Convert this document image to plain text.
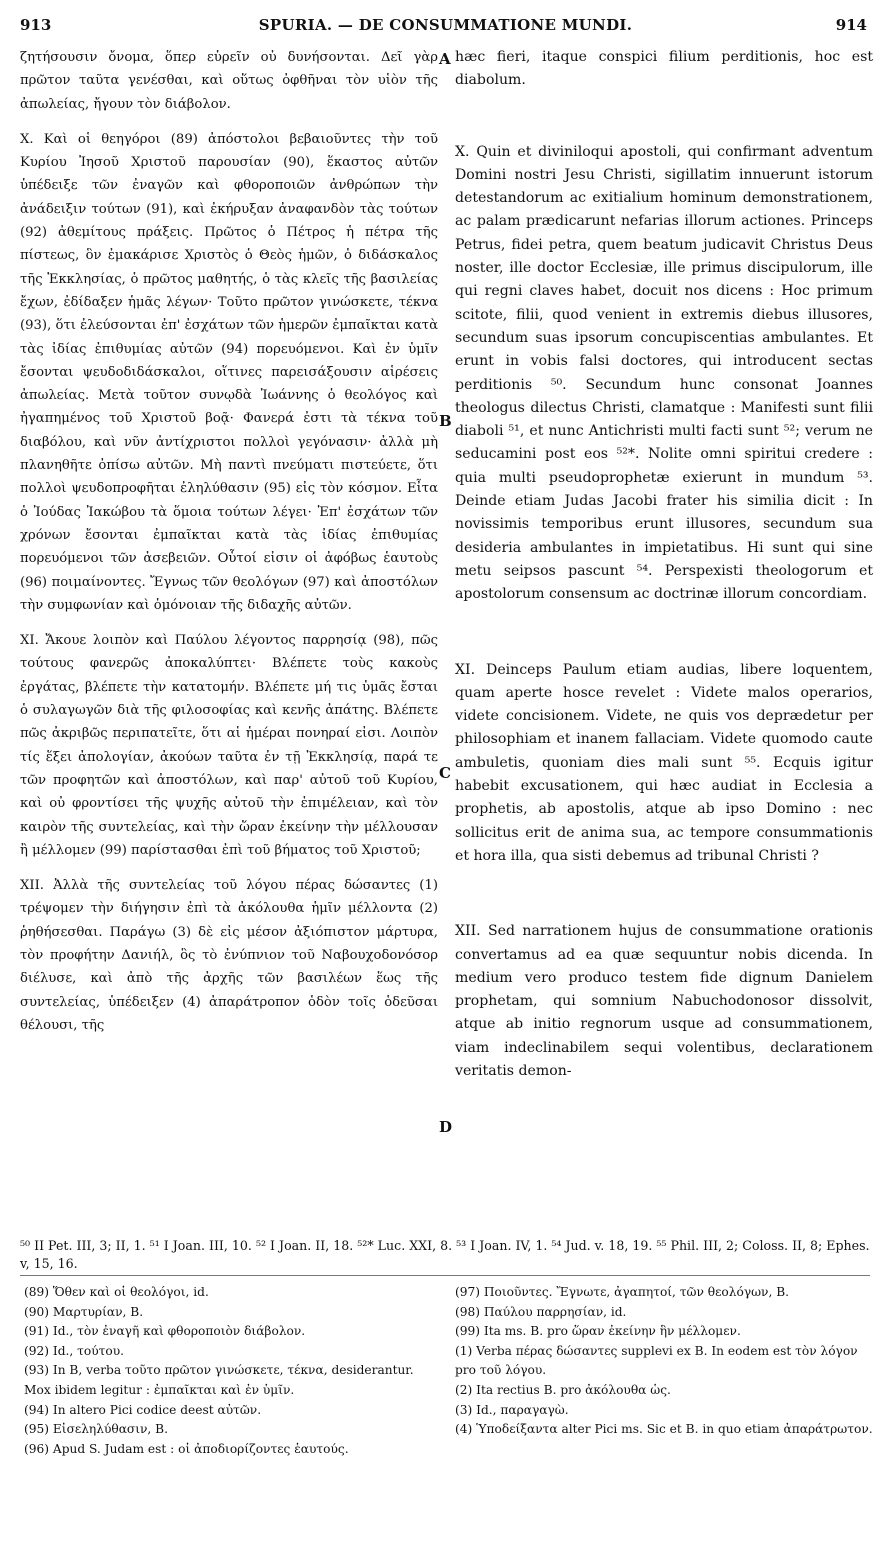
913	SPURIA. — DE CONSUMMATIONE MUNDI.	914

ζητήσουσιν ὄνομα, ὅπερ εὑρεῖν οὐ δυνήσονται. Δεῖ γὰρ πρῶτον ταῦτα γενέσθαι, καὶ οὕτως ὀφθῆναι τὸν υἱὸν τῆς ἀπωλείας, ἤγουν τὸν διάβολον.

X. Καὶ οἱ θεηγόροι (89) ἀπόστολοι βεβαιοῦντες τὴν τοῦ Κυρίου Ἰησοῦ Χριστοῦ παρουσίαν (90), ἕκαστος αὐτῶν ὑπέδειξε τῶν ἐναγῶν καὶ φθοροποιῶν ἀνθρώπων τὴν ἀνάδειξιν τούτων (91), καὶ ἐκήρυξαν ἀναφανδὸν τὰς τούτων (92) ἀθεμίτους πράξεις. Πρῶτος ὁ Πέτρος ἡ πέτρα τῆς πίστεως, ὃν ἐμακάρισε Χριστὸς ὁ Θεὸς ἡμῶν, ὁ διδάσκαλος τῆς Ἐκκλησίας, ὁ πρῶτος μαθητής, ὁ τὰς κλεῖς τῆς βασιλείας ἔχων, ἐδίδαξεν ἡμᾶς λέγων· Τοῦτο πρῶτον γινώσκετε, τέκνα (93), ὅτι ἐλεύσονται ἐπ' ἐσχάτων τῶν ἡμερῶν ἐμπαῖκται κατὰ τὰς ἰδίας ἐπιθυμίας αὐτῶν (94) πορευόμενοι. Καὶ ἐν ὑμῖν ἔσονται ψευδοδιδάσκαλοι, οἵτινες παρεισάξουσιν αἱρέσεις ἀπωλείας. Μετὰ τοῦτον συνῳδὰ Ἰωάννης ὁ θεολόγος καὶ ἠγαπημένος τοῦ Χριστοῦ βοᾷ· Φανερά ἐστι τὰ τέκνα τοῦ διαβόλου, καὶ νῦν ἀντίχριστοι πολλοὶ γεγόνασιν· ἀλλὰ μὴ πλανηθῆτε ὀπίσω αὐτῶν. Μὴ παντὶ πνεύματι πιστεύετε, ὅτι πολλοὶ ψευδοπροφῆται ἐληλύθασιν (95) εἰς τὸν κόσμον. Εἶτα ὁ Ἰούδας Ἰακώβου τὰ ὅμοια τούτων λέγει· Ἐπ' ἐσχάτων τῶν χρόνων ἔσονται ἐμπαῖκται κατὰ τὰς ἰδίας ἐπιθυμίας πορευόμενοι τῶν ἀσεβειῶν. Οὗτοί εἰσιν οἱ ἀφόβως ἑαυτοὺς (96) ποιμαίνοντες. Ἔγνως τῶν θεολόγων (97) καὶ ἀποστόλων τὴν συμφωνίαν καὶ ὁμόνοιαν τῆς διδαχῆς αὐτῶν.

XI. Ἄκουε λοιπὸν καὶ Παύλου λέγοντος παρρησίᾳ (98), πῶς τούτους φανερῶς ἀποκαλύπτει· Βλέπετε τοὺς κακοὺς ἐργάτας, βλέπετε τὴν κατατομήν. Βλέπετε μή τις ὑμᾶς ἔσται ὁ συλαγωγῶν διὰ τῆς φιλοσοφίας καὶ κενῆς ἀπάτης. Βλέπετε πῶς ἀκριβῶς περιπατεῖτε, ὅτι αἱ ἡμέραι πονηραί εἰσι. Λοιπὸν τίς ἕξει ἀπολογίαν, ἀκούων ταῦτα ἐν τῇ Ἐκκλησίᾳ, παρά τε τῶν προφητῶν καὶ ἀποστόλων, καὶ παρ' αὐτοῦ τοῦ Κυρίου, καὶ οὐ φροντίσει τῆς ψυχῆς αὐτοῦ τὴν ἐπιμέλειαν, καὶ τὸν καιρὸν τῆς συντελείας, καὶ τὴν ὥραν ἐκείνην τὴν μέλλουσαν ἢ μέλλομεν (99) παρίστασθαι ἐπὶ τοῦ βήματος τοῦ Χριστοῦ;

XII. Ἀλλὰ τῆς συντελείας τοῦ λόγου πέρας δώσαντες (1) τρέψομεν τὴν διήγησιν ἐπὶ τὰ ἀκόλουθα ἡμῖν μέλλοντα (2) ῥηθήσεσθαι. Παράγω (3) δὲ εἰς μέσον ἀξιόπιστον μάρτυρα, τὸν προφήτην Δανιήλ, ὃς τὸ ἐνύπνιον τοῦ Ναβουχοδονόσορ διέλυσε, καὶ ἀπὸ τῆς ἀρχῆς τῶν βασιλέων ἕως τῆς συντελείας, ὑπέδειξεν (4) ἀπαράτροπον ὁδὸν τοῖς ὁδεῦσαι θέλουσι, τῆς

A
B
C
D

hæc fieri, itaque conspici filium perditionis, hoc est diabolum.

X. Quin et diviniloqui apostoli, qui confirmant adventum Domini nostri Jesu Christi, sigillatim innuerunt istorum detestandorum ac exitialium hominum demonstrationem, ac palam prædicarunt nefarias illorum actiones. Princeps Petrus, fidei petra, quem beatum judicavit Christus Deus noster, ille doctor Ecclesiæ, ille primus discipulorum, ille qui regni claves habet, docuit nos dicens : Hoc primum scitote, filii, quod venient in extremis diebus illusores, secundum suas ipsorum concupiscentias ambulantes. Et erunt in vobis falsi doctores, qui introducent sectas perditionis ⁵⁰. Secundum hunc consonat Joannes theologus dilectus Christi, clamatque : Manifesti sunt filii diaboli ⁵¹, et nunc Antichristi multi facti sunt ⁵²; verum ne seducamini post eos ⁵²*. Nolite omni spiritui credere : quia multi pseudoprophetæ exierunt in mundum ⁵³. Deinde etiam Judas Jacobi frater his similia dicit : In novissimis temporibus erunt illusores, secundum sua desideria ambulantes in impietatibus. Hi sunt qui sine metu seipsos pascunt ⁵⁴. Perspexisti theologorum et apostolorum consensum ac doctrinæ illorum concordiam.

XI. Deinceps Paulum etiam audias, libere loquentem, quam aperte hosce revelet : Videte malos operarios, videte concisionem. Videte, ne quis vos deprædetur per philosophiam et inanem fallaciam. Videte quomodo caute ambuletis, quoniam dies mali sunt ⁵⁵. Ecquis igitur habebit excusationem, qui hæc audiat in Ecclesia a prophetis, ab apostolis, atque ab ipso Domino : nec sollicitus erit de anima sua, ac tempore consummationis et hora illa, qua sisti debemus ad tribunal Christi ?

XII. Sed narrationem hujus de consummatione orationis convertamus ad ea quæ sequuntur nobis dicenda. In medium vero produco testem fide dignum Danielem prophetam, qui somnium Nabuchodonosor dissolvit, atque ab initio regnorum usque ad consummationem, viam indeclinabilem sequi volentibus, declarationem veritatis demon-

⁵⁰ II Pet. III, 3; II, 1. ⁵¹ I Joan. III, 10. ⁵² I Joan. II, 18. ⁵²* Luc. XXI, 8. ⁵³ I Joan. IV, 1. ⁵⁴ Jud. v. 18, 19. ⁵⁵ Phil. III, 2; Coloss. II, 8; Ephes. v, 15, 16.

(89) Ὅθεν καὶ οἱ θεολόγοι, id.

(90) Μαρτυρίαν, B.

(91) Id., τὸν ἐναγῆ καὶ φθοροποιὸν διάβολον.

(92) Id., τούτου.

(93) In B, verba τοῦτο πρῶτον γινώσκετε, τέκνα, desiderantur. Mox ibidem legitur : ἐμπαῖκται καὶ ἐν ὑμῖν.

(94) In altero Pici codice deest αὐτῶν.

(95) Εἰσεληλύθασιν, B.

(96) Apud S. Judam est : οἱ ἀποδιορίζοντες ἑαυτούς.

(97) Ποιοῦντες. Ἔγνωτε, ἀγαπητοί, τῶν θεολόγων, B.

(98) Παύλου παρρησίαν, id.

(99) Ita ms. B. pro ὥραν ἐκείνην ἣν μέλλομεν.

(1) Verba πέρας δώσαντες supplevi ex B. In eodem est τὸν λόγον pro τοῦ λόγου.

(2) Ita rectius B. pro ἀκόλουθα ὡς.

(3) Id., παραγαγὼ.

(4) Ὑποδείξαντα alter Pici ms. Sic et B. in quo etiam ἀπαράτρωτον.
